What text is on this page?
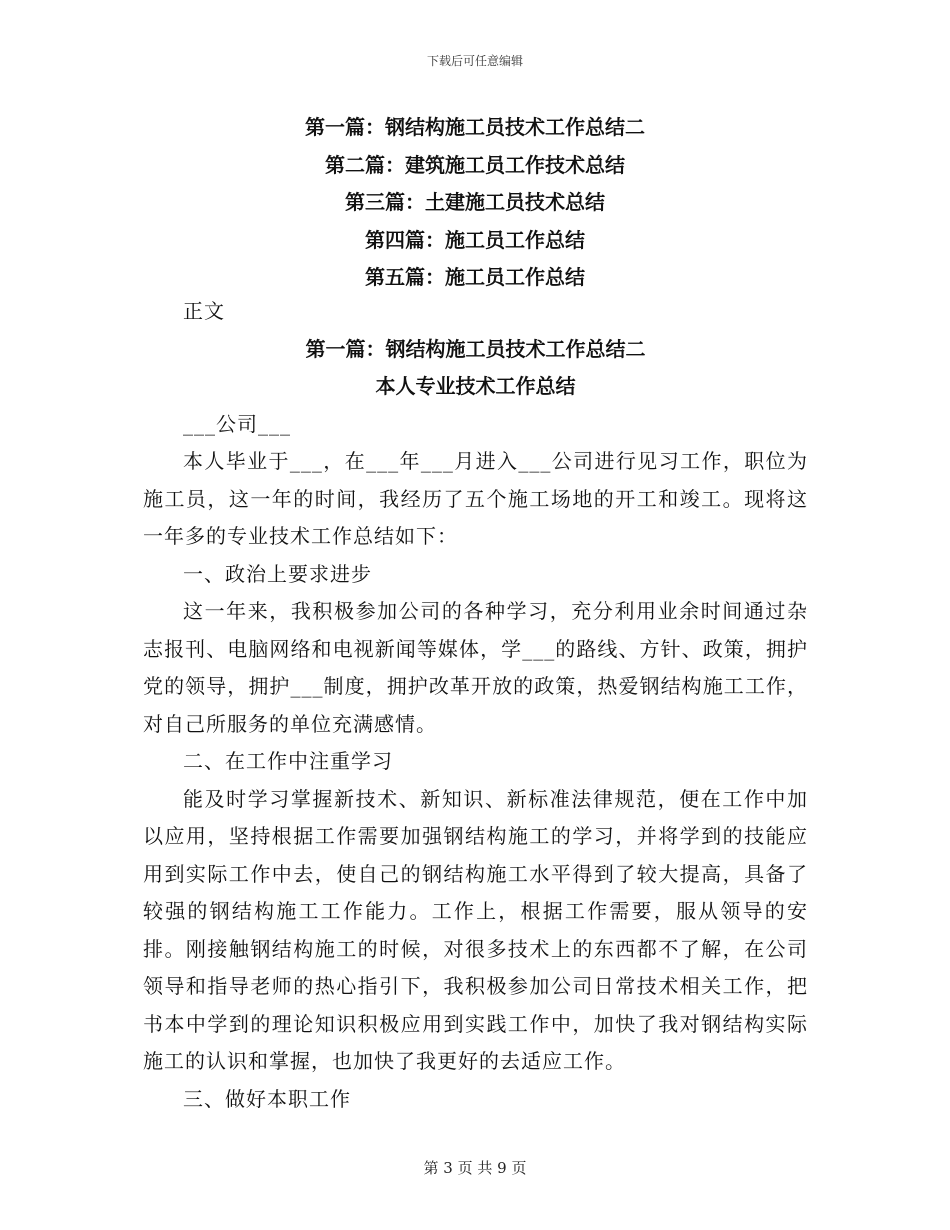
下载后可任意编辑
第一篇：钢结构施工员技术工作总结二
第二篇：建筑施工员工作技术总结
第三篇：土建施工员技术总结
第四篇：施工员工作总结
第五篇：施工员工作总结

正文

第一篇：钢结构施工员技术工作总结二
本人专业技术工作总结

___公司___

本人毕业于___，在___年___月进入___公司进行见习工作，职位为施工员，这一年的时间，我经历了五个施工场地的开工和竣工。现将这一年多的专业技术工作总结如下：

一、政治上要求进步

这一年来，我积极参加公司的各种学习，充分利用业余时间通过杂志报刊、电脑网络和电视新闻等媒体，学___的路线、方针、政策，拥护党的领导，拥护___制度，拥护改革开放的政策，热爱钢结构施工工作，对自己所服务的单位充满感情。

二、在工作中注重学习

能及时学习掌握新技术、新知识、新标准法律规范，便在工作中加以应用，坚持根据工作需要加强钢结构施工的学习，并将学到的技能应用到实际工作中去，使自己的钢结构施工水平得到了较大提高，具备了较强的钢结构施工工作能力。工作上，根据工作需要，服从领导的安排。刚接触钢结构施工的时候，对很多技术上的东西都不了解，在公司领导和指导老师的热心指引下，我积极参加公司日常技术相关工作，把书本中学到的理论知识积极应用到实践工作中，加快了我对钢结构实际施工的认识和掌握，也加快了我更好的去适应工作。

三、做好本职工作
第 3 页 共 9 页
